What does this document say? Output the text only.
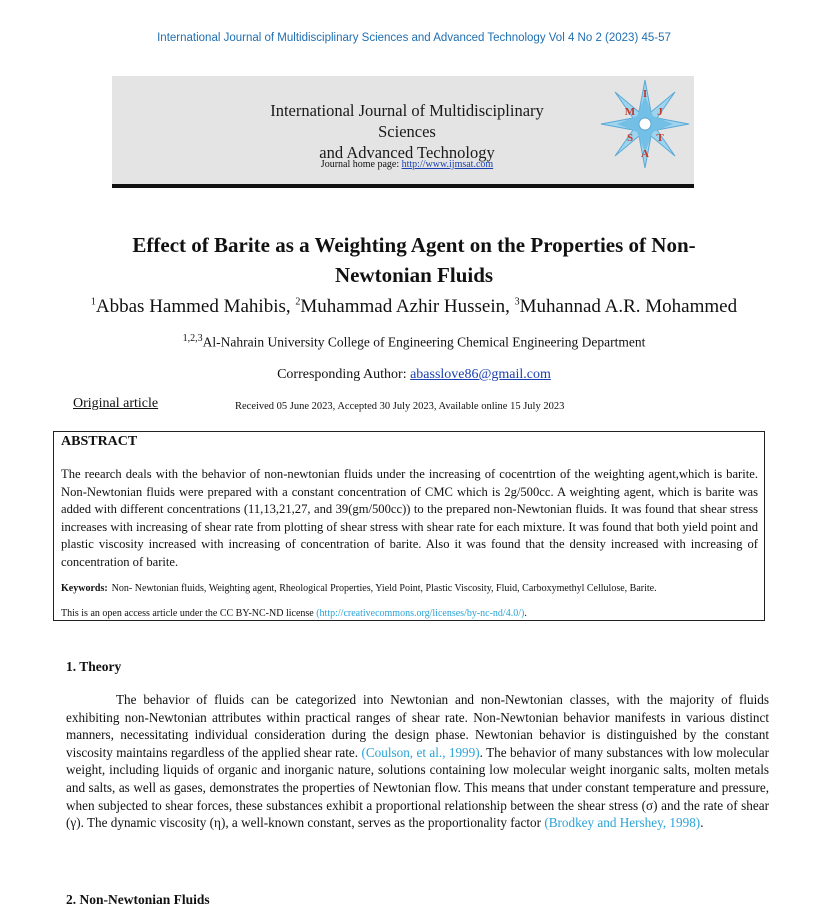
International Journal of Multidisciplinary Sciences and Advanced Technology Vol 4 No 2 (2023) 45-57
International Journal of Multidisciplinary Sciences
and Advanced Technology
Journal home page: http://www.ijmsat.com
I
J
M
S
A
T
Effect of Barite as a Weighting Agent on the Properties of Non-Newtonian Fluids
$^1$Abbas Hammed Mahibis, $^2$Muhammad Azhir Hussein, $^3$Muhannad A.R. Mohammed
$^{1,2,3}$Al-Nahrain University College of Engineering Chemical Engineering Department
Corresponding Author: abasslove86@gmail.com
Original article	Received 05 June 2023, Accepted 30 July 2023, Available online 15 July 2023
ABSTRACT
The reearch deals with the behavior of non-newtonian fluids under the increasing of cocentrtion of the weighting agent,which is barite. Non-Newtonian fluids were prepared with a constant concentration of CMC which is 2g/500cc. A weighting agent, which is barite was added with different concentrations (11,13,21,27, and 39(gm/500cc)) to the prepared non-Newtonian fluids. It was found that shear stress increases with increasing of shear rate from plotting of shear stress with shear rate for each mixture. It was found that both yield point and plastic viscosity increased with increasing of concentration of barite. Also it was found that the density increased with increasing of concentration of barite.
Keywords: Non- Newtonian fluids, Weighting agent, Rheological Properties, Yield Point, Plastic Viscosity, Fluid, Carboxymethyl Cellulose, Barite.
This is an open access article under the CC BY-NC-ND license (http://creativecommons.org/licenses/by-nc-nd/4.0/).
1. Theory
The behavior of fluids can be categorized into Newtonian and non-Newtonian classes, with the majority of fluids exhibiting non-Newtonian attributes within practical ranges of shear rate. Non-Newtonian behavior manifests in various distinct manners, necessitating individual consideration during the design phase. Newtonian behavior is distinguished by the constant viscosity maintains regardless of the applied shear rate. (Coulson, et al., 1999). The behavior of many substances with low molecular weight, including liquids of organic and inorganic nature, solutions containing low molecular weight inorganic salts, molten metals and salts, as well as gases, demonstrates the properties of Newtonian flow. This means that under constant temperature and pressure, when subjected to shear forces, these substances exhibit a proportional relationship between the shear stress (σ) and the rate of shear (γ). The dynamic viscosity (η), a well-known constant, serves as the proportionality factor (Brodkey and Hershey, 1998).
2. Non-Newtonian Fluids
